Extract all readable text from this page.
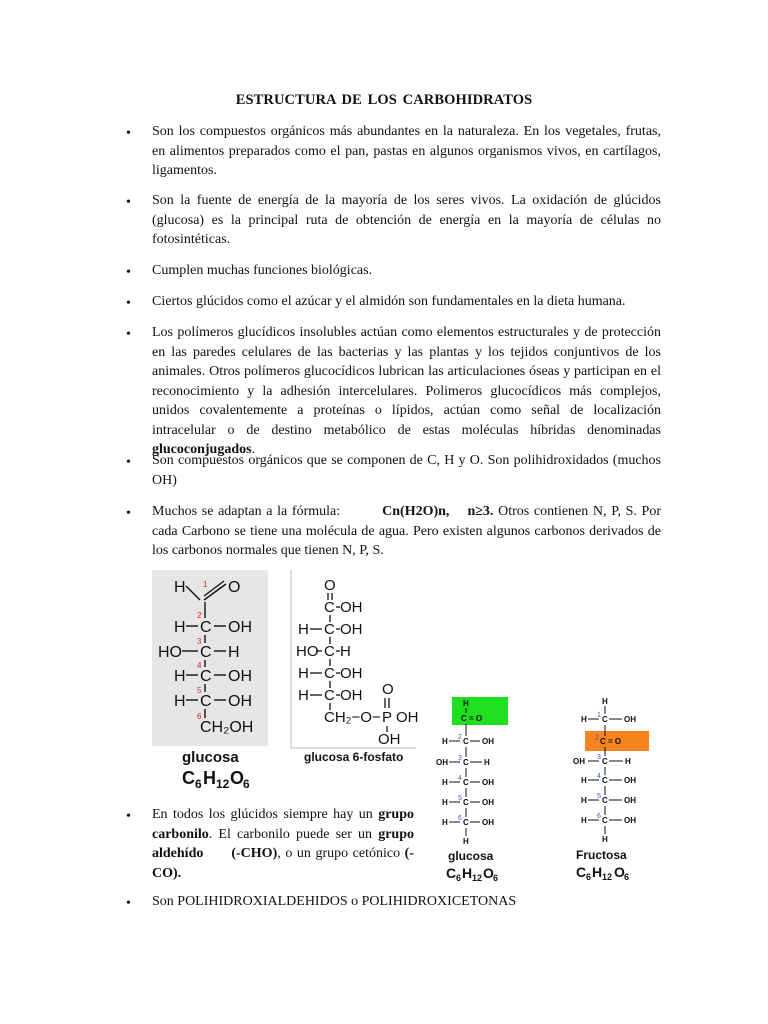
ESTRUCTURA DE LOS CARBOHIDRATOS
• Son los compuestos orgánicos más abundantes en la naturaleza. En los vegetales, frutas, en alimentos preparados como el pan, pastas en algunos organismos vivos, en cartílagos, ligamentos.
• Son la fuente de energía de la mayoría de los seres vivos. La oxidación de glúcidos (glucosa) es la principal ruta de obtención de energía en la mayoría de células no fotosintéticas.
• Cumplen muchas funciones biológicas.
• Ciertos glúcidos como el azúcar y el almidón son fundamentales en la dieta humana.
• Los polímeros glucídicos insolubles actúan como elementos estructurales y de protección en las paredes celulares de las bacterias y las plantas y los tejidos conjuntivos de los animales. Otros polímeros glucocídicos lubrican las articulaciones óseas y participan en el reconocimiento y la adhesión intercelulares. Polimeros glucocídicos más complejos, unidos covalentemente a proteínas o lípidos, actúan como señal de localización intracelular o de destino metabólico de estas moléculas híbridas denominadas glucoconjugados.
• Son compuestos orgánicos que se componen de C, H y O. Son polihidroxidados (muchos OH)
• Muchos se adaptan a la fórmula:	Cn(H2O)n, n≥3. Otros contienen N, P, S. Por cada Carbono se tiene una molécula de agua. Pero existen algunos carbonos derivados de los carbonos normales que tienen N, P, S.
• En todos los glúcidos siempre hay un grupo carbonilo. El carbonilo puede ser un grupo aldehído (-CHO), o un grupo cetónico (-CO).
• Son POLIHIDROXIALDEHIDOS o POLIHIDROXICETONAS
H	O
H C OH
HO C H
H C OH
H C OH
CH₂OH
1
2
3
4
5
6
glucosa
C 6 H 12 O
6
O
C OH
H C OH
HO C H
H C OH
H C OH O
CH₂−O− P OH
OH
glucosa 6-fosfato
H
C = O
H C OH
OH C H
H C OH
H C OH
H C OH
H
2
3
4
5
6
glucosa
C 6 H 12 O 6
H
H C OH
C = O
OH C H
H C OH
H C OH
H C OH
H
1
2
3
4
5
6
Fructosa
C 6 H 12 O 6
